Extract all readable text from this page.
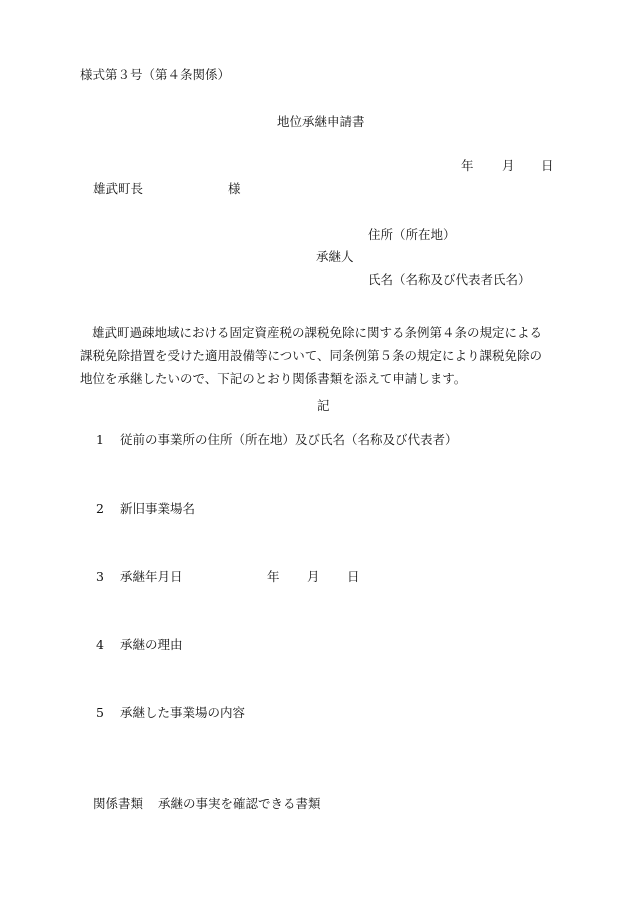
様式第３号（第４条関係）
地位承継申請書
年 月 日
雄武町長	様
住所（所在地）
承継人
氏名（名称及び代表者氏名）
雄武町過疎地域における固定資産税の課税免除に関する条例第４条の規定による課税免除措置を受けた適用設備等について、同条例第５条の規定により課税免除の地位を承継したいので、下記のとおり関係書類を添えて申請します。
記
1 従前の事業所の住所（所在地）及び氏名（名称及び代表者）
2 新旧事業場名
3 承継年月日	年 月 日
4 承継の理由
5 承継した事業場の内容
関係書類 承継の事実を確認できる書類
